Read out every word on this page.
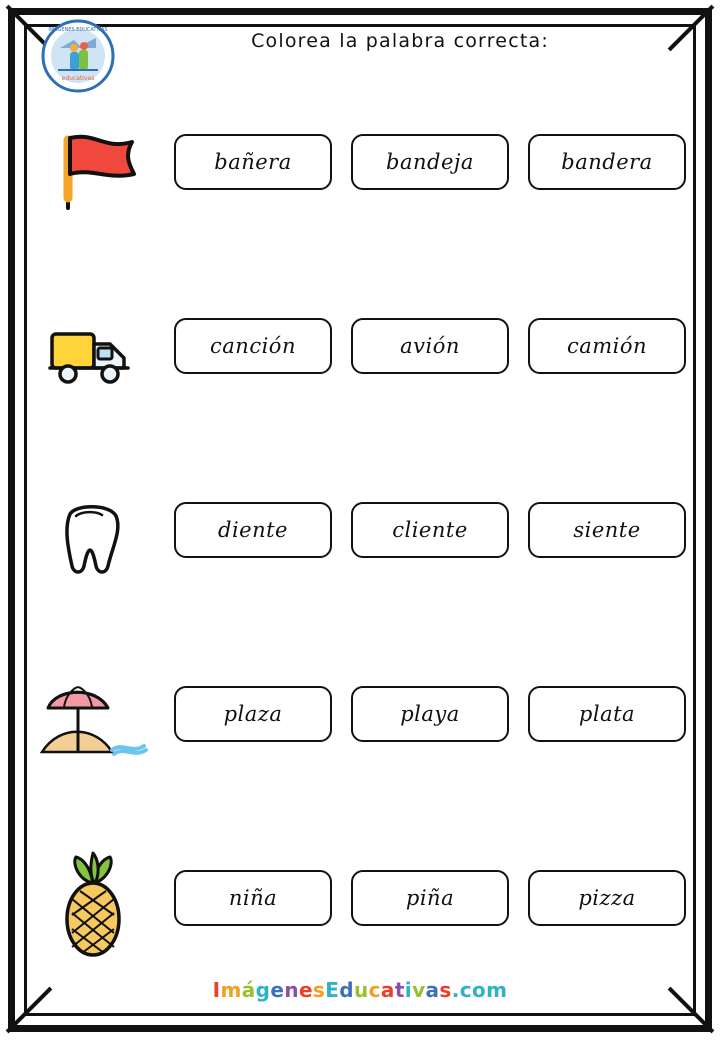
educativas
IMÁGENES EDUCATIVAS	Colorea la palabra correcta:
bañera	bandeja	bandera
canción	avión	camión
diente	cliente	siente
plaza	playa	plata
niña	piña	pizza
ImágenesEducativas.com
